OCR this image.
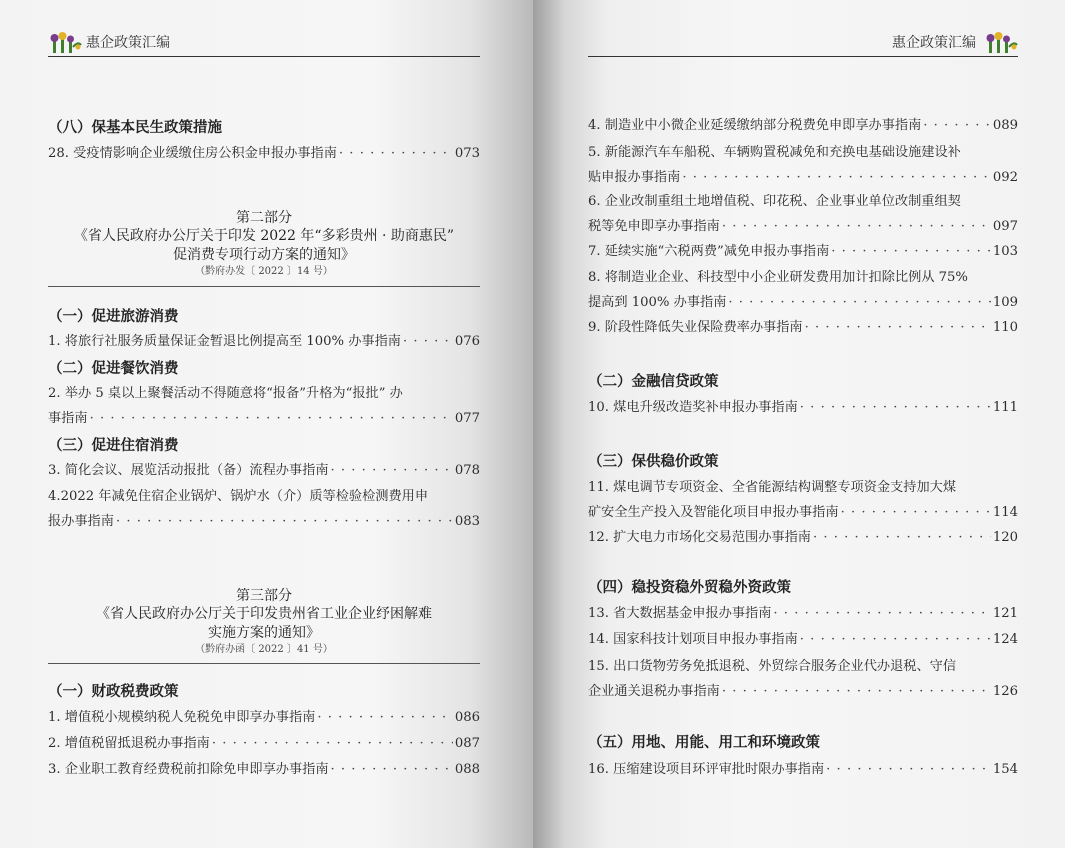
惠企政策汇编
（八）保基本民生政策措施
28. 受疫情影响企业缓缴住房公积金申报办事指南 · · ·	073
第二部分
《省人民政府办公厅关于印发 2022 年“多彩贵州 · 助商惠民”
促消费专项行动方案的通知》
（黔府办发〔 2022 〕14 号）
（一）促进旅游消费
1. 将旅行社服务质量保证金暂退比例提高至 100% 办事指南 · · ·	076
（二）促进餐饮消费
2. 举办 5 桌以上聚餐活动不得随意将“报备”升格为“报批” 办
事指南 · · ·	077
（三）促进住宿消费
3. 简化会议、展览活动报批（备）流程办事指南 · · ·	078
4.2022 年减免住宿企业锅炉、锅炉水（介）质等检验检测费用申
报办事指南 · · ·	083
第三部分
《省人民政府办公厅关于印发贵州省工业企业纾困解难
实施方案的通知》
（黔府办函〔 2022 〕41 号）
（一）财政税费政策
1. 增值税小规模纳税人免税免申即享办事指南 · · ·	086
2. 增值税留抵退税办事指南 · · ·	087
3. 企业职工教育经费税前扣除免申即享办事指南 · · ·	088
惠企政策汇编
4. 制造业中小微企业延缓缴纳部分税费免申即享办事指南 · · ·	089
5. 新能源汽车车船税、车辆购置税减免和充换电基础设施建设补
贴申报办事指南 · · ·	092
6. 企业改制重组土地增值税、印花税、企业事业单位改制重组契
税等免申即享办事指南 · · ·	097
7. 延续实施“六税两费”减免申报办事指南 · · ·	103
8. 将制造业企业、科技型中小企业研发费用加计扣除比例从 75%
提高到 100% 办事指南 · · ·	109
9. 阶段性降低失业保险费率办事指南 · · ·	110
（二）金融信贷政策
10. 煤电升级改造奖补申报办事指南 · · ·	111
（三）保供稳价政策
11. 煤电调节专项资金、全省能源结构调整专项资金支持加大煤
矿安全生产投入及智能化项目申报办事指南 · · ·	114
12. 扩大电力市场化交易范围办事指南 · · ·	120
（四）稳投资稳外贸稳外资政策
13. 省大数据基金申报办事指南 · · ·	121
14. 国家科技计划项目申报办事指南 · · ·	124
15. 出口货物劳务免抵退税、外贸综合服务企业代办退税、守信
企业通关退税办事指南 · · ·	126
（五）用地、用能、用工和环境政策
16. 压缩建设项目环评审批时限办事指南 · · ·	154
